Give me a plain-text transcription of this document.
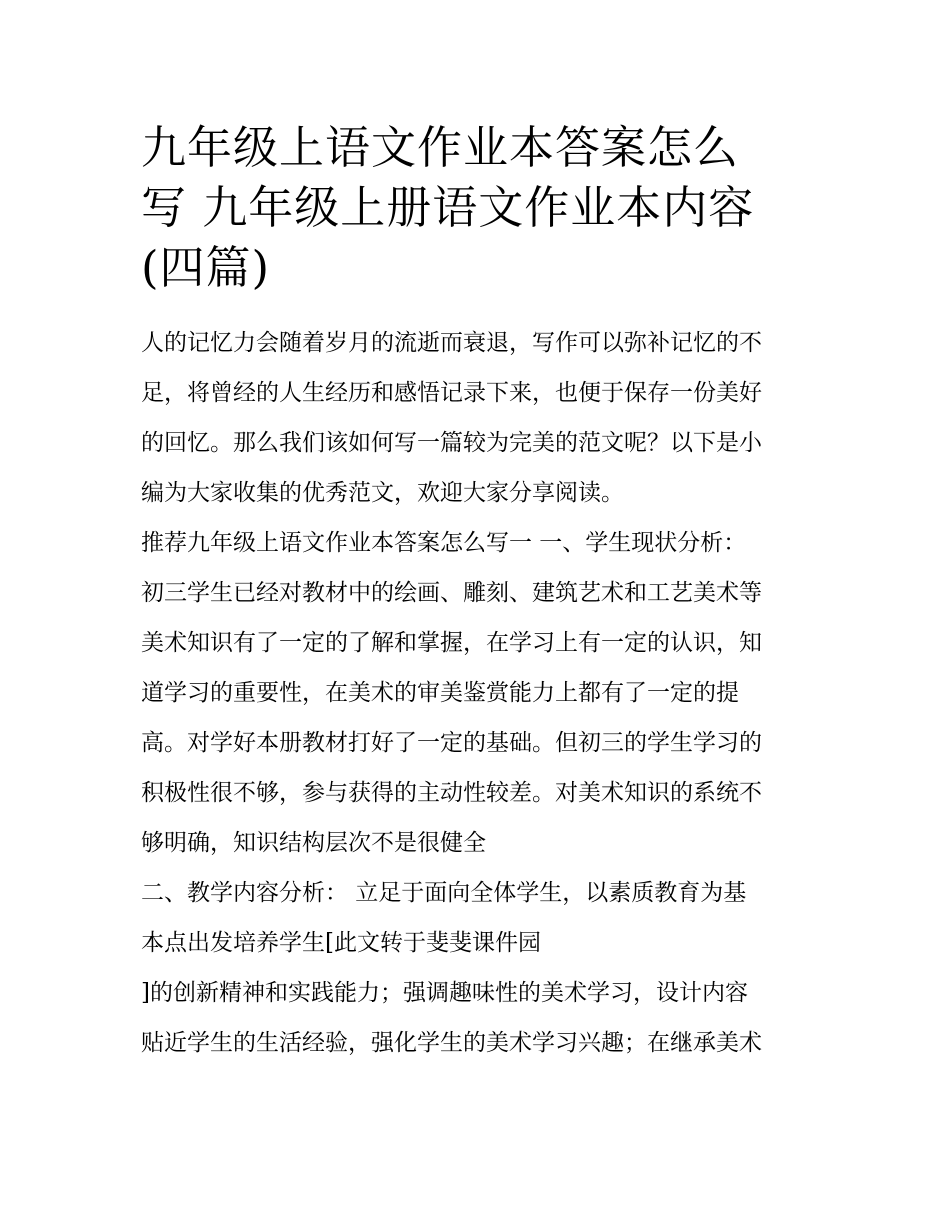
九年级上语文作业本答案怎么
写 九年级上册语文作业本内容
(四篇)
人的记忆力会随着岁月的流逝而衰退，写作可以弥补记忆的不
足，将曾经的人生经历和感悟记录下来，也便于保存一份美好
的回忆。那么我们该如何写一篇较为完美的范文呢？以下是小
编为大家收集的优秀范文，欢迎大家分享阅读。
推荐九年级上语文作业本答案怎么写一 一、学生现状分析：
初三学生已经对教材中的绘画、雕刻、建筑艺术和工艺美术等
美术知识有了一定的了解和掌握，在学习上有一定的认识，知
道学习的重要性，在美术的审美鉴赏能力上都有了一定的提
高。对学好本册教材打好了一定的基础。但初三的学生学习的
积极性很不够，参与获得的主动性较差。对美术知识的系统不
够明确，知识结构层次不是很健全
二、教学内容分析： 立足于面向全体学生，以素质教育为基
本点出发培养学生[此文转于斐斐课件园
]的创新精神和实践能力；强调趣味性的美术学习，设计内容
贴近学生的生活经验，强化学生的美术学习兴趣；在继承美术
